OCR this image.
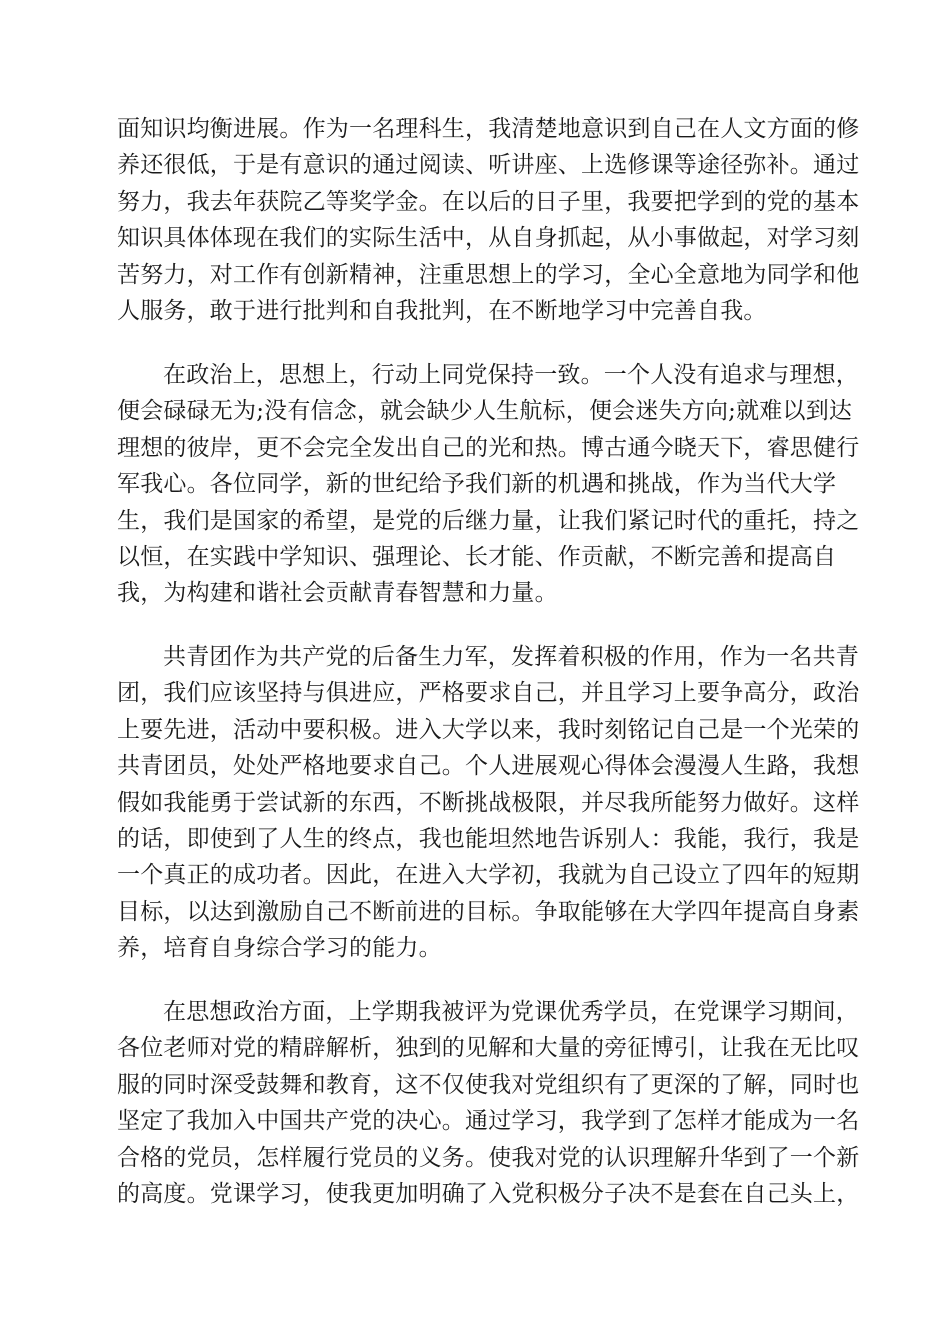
面知识均衡进展。作为一名理科生，我清楚地意识到自己在人文方面的修
养还很低，于是有意识的通过阅读、听讲座、上选修课等途径弥补。通过
努力，我去年获院乙等奖学金。在以后的日子里，我要把学到的党的基本
知识具体体现在我们的实际生活中，从自身抓起，从小事做起，对学习刻
苦努力，对工作有创新精神，注重思想上的学习，全心全意地为同学和他
人服务，敢于进行批判和自我批判，在不断地学习中完善自我。
在政治上，思想上，行动上同党保持一致。一个人没有追求与理想，
便会碌碌无为;没有信念，就会缺少人生航标，便会迷失方向;就难以到达
理想的彼岸，更不会完全发出自己的光和热。博古通今晓天下，睿思健行
军我心。各位同学，新的世纪给予我们新的机遇和挑战，作为当代大学
生，我们是国家的希望，是党的后继力量，让我们紧记时代的重托，持之
以恒，在实践中学知识、强理论、长才能、作贡献，不断完善和提高自
我，为构建和谐社会贡献青春智慧和力量。
共青团作为共产党的后备生力军，发挥着积极的作用，作为一名共青
团，我们应该坚持与俱进应，严格要求自己，并且学习上要争高分，政治
上要先进，活动中要积极。进入大学以来，我时刻铭记自己是一个光荣的
共青团员，处处严格地要求自己。个人进展观心得体会漫漫人生路，我想
假如我能勇于尝试新的东西，不断挑战极限，并尽我所能努力做好。这样
的话，即使到了人生的终点，我也能坦然地告诉别人：我能，我行，我是
一个真正的成功者。因此，在进入大学初，我就为自己设立了四年的短期
目标，以达到激励自己不断前进的目标。争取能够在大学四年提高自身素
养，培育自身综合学习的能力。
在思想政治方面，上学期我被评为党课优秀学员，在党课学习期间，
各位老师对党的精辟解析，独到的见解和大量的旁征博引，让我在无比叹
服的同时深受鼓舞和教育，这不仅使我对党组织有了更深的了解，同时也
坚定了我加入中国共产党的决心。通过学习，我学到了怎样才能成为一名
合格的党员，怎样履行党员的义务。使我对党的认识理解升华到了一个新
的高度。党课学习，使我更加明确了入党积极分子决不是套在自己头上，
